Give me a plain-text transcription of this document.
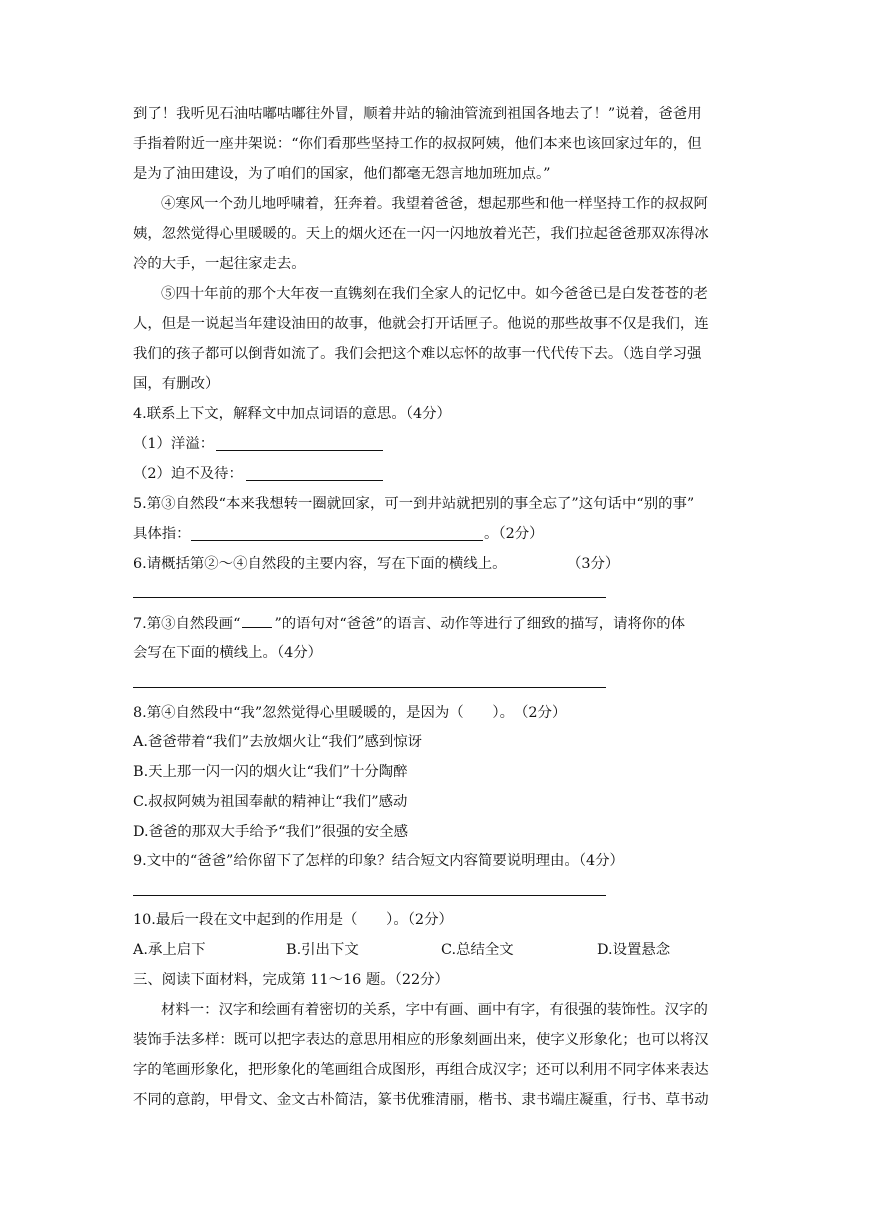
到了！我听见石油咕嘟咕嘟往外冒，顺着井站的输油管流到祖国各地去了！”说着，爸爸用
手指着附近一座井架说：“你们看那些坚持工作的叔叔阿姨，他们本来也该回家过年的，但
是为了油田建设，为了咱们的国家，他们都毫无怨言地加班加点。”
④寒风一个劲儿地呼啸着，狂奔着。我望着爸爸，想起那些和他一样坚持工作的叔叔阿
姨，忽然觉得心里暖暖的。天上的烟火还在一闪一闪地放着光芒，我们拉起爸爸那双冻得冰
冷的大手，一起往家走去。
⑤四十年前的那个大年夜一直镌刻在我们全家人的记忆中。如今爸爸已是白发苍苍的老
人，但是一说起当年建设油田的故事，他就会打开话匣子。他说的那些故事不仅是我们，连
我们的孩子都可以倒背如流了。我们会把这个难以忘怀的故事一代代传下去。（选自学习强
国，有删改）
4.联系上下文，解释文中加点词语的意思。（4分）
（1）洋溢：
（2）迫不及待：
5.第③自然段“本来我想转一圈就回家，可一到井站就把别的事全忘了”这句话中“别的事”
具体指：	。（2分）
6.请概括第②～④自然段的主要内容，写在下面的横线上。	（3分）
7.第③自然段画“ ”的语句对“爸爸”的语言、动作等进行了细致的描写，请将你的体
会写在下面的横线上。（4分）
8.第④自然段中“我”忽然觉得心里暖暖的，是因为（　　）。　（2分）
A.爸爸带着“我们”去放烟火让“我们”感到惊讶
B.天上那一闪一闪的烟火让“我们”十分陶醉
C.叔叔阿姨为祖国奉献的精神让“我们”感动
D.爸爸的那双大手给予“我们”很强的安全感
9.文中的“爸爸”给你留下了怎样的印象？结合短文内容简要说明理由。（4分）
10.最后一段在文中起到的作用是（　　）。（2分）
A.承上启下	B.引出下文	C.总结全文	D.设置悬念
三、阅读下面材料，完成第 11～16 题。（22分）
材料一：汉字和绘画有着密切的关系，字中有画、画中有字，有很强的装饰性。汉字的
装饰手法多样：既可以把字表达的意思用相应的形象刻画出来，使字义形象化；也可以将汉
字的笔画形象化，把形象化的笔画组合成图形，再组合成汉字；还可以利用不同字体来表达
不同的意韵，甲骨文、金文古朴简洁，篆书优雅清丽，楷书、隶书端庄凝重，行书、草书动
